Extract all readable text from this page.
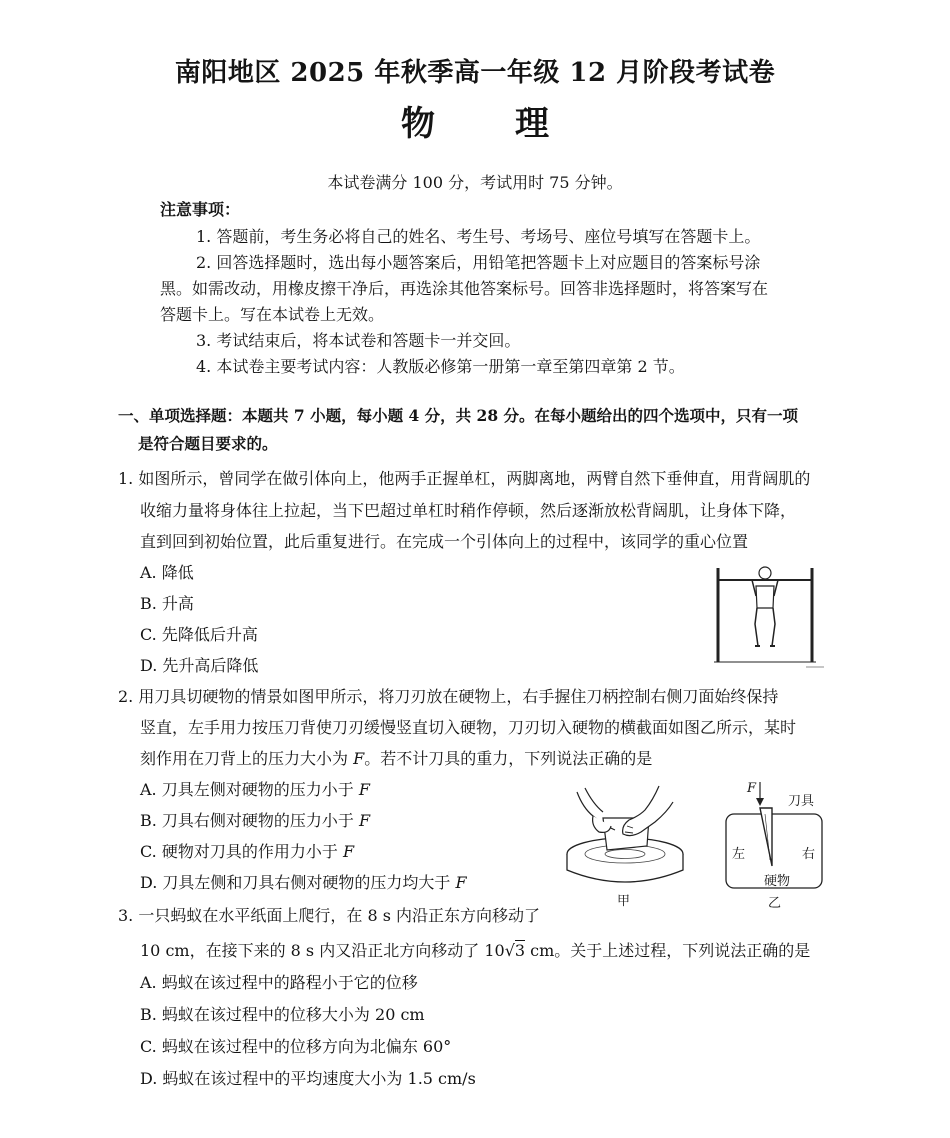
南阳地区 2025 年秋季高一年级 12 月阶段考试卷
物 理
本试卷满分 100 分，考试用时 75 分钟。
注意事项：
1. 答题前，考生务必将自己的姓名、考生号、考场号、座位号填写在答题卡上。
2. 回答选择题时，选出每小题答案后，用铅笔把答题卡上对应题目的答案标号涂
黑。如需改动，用橡皮擦干净后，再选涂其他答案标号。回答非选择题时，将答案写在
答题卡上。写在本试卷上无效。
3. 考试结束后，将本试卷和答题卡一并交回。
4. 本试卷主要考试内容：人教版必修第一册第一章至第四章第 2 节。
一、单项选择题：本题共 7 小题，每小题 4 分，共 28 分。在每小题给出的四个选项中，只有一项
是符合题目要求的。
1. 如图所示，曾同学在做引体向上，他两手正握单杠，两脚离地，两臂自然下垂伸直，用背阔肌的
收缩力量将身体往上拉起，当下巴超过单杠时稍作停顿，然后逐渐放松背阔肌，让身体下降，
直到回到初始位置，此后重复进行。在完成一个引体向上的过程中，该同学的重心位置
A. 降低
B. 升高
C. 先降低后升高
D. 先升高后降低
2. 用刀具切硬物的情景如图甲所示，将刀刃放在硬物上，右手握住刀柄控制右侧刀面始终保持
竖直，左手用力按压刀背使刀刃缓慢竖直切入硬物，刀刃切入硬物的横截面如图乙所示，某时
刻作用在刀背上的压力大小为 F。若不计刀具的重力，下列说法正确的是
A. 刀具左侧对硬物的压力小于 F
B. 刀具右侧对硬物的压力小于 F
C. 硬物对刀具的作用力小于 F
D. 刀具左侧和刀具右侧对硬物的压力均大于 F
甲
F
刀具
左	右
硬物
乙
3. 一只蚂蚁在水平纸面上爬行，在 8 s 内沿正东方向移动了
10 cm，在接下来的 8 s 内又沿正北方向移动了 10√3 cm。关于上述过程，下列说法正确的是
A. 蚂蚁在该过程中的路程小于它的位移
B. 蚂蚁在该过程中的位移大小为 20 cm
C. 蚂蚁在该过程中的位移方向为北偏东 60°
D. 蚂蚁在该过程中的平均速度大小为 1.5 cm/s
